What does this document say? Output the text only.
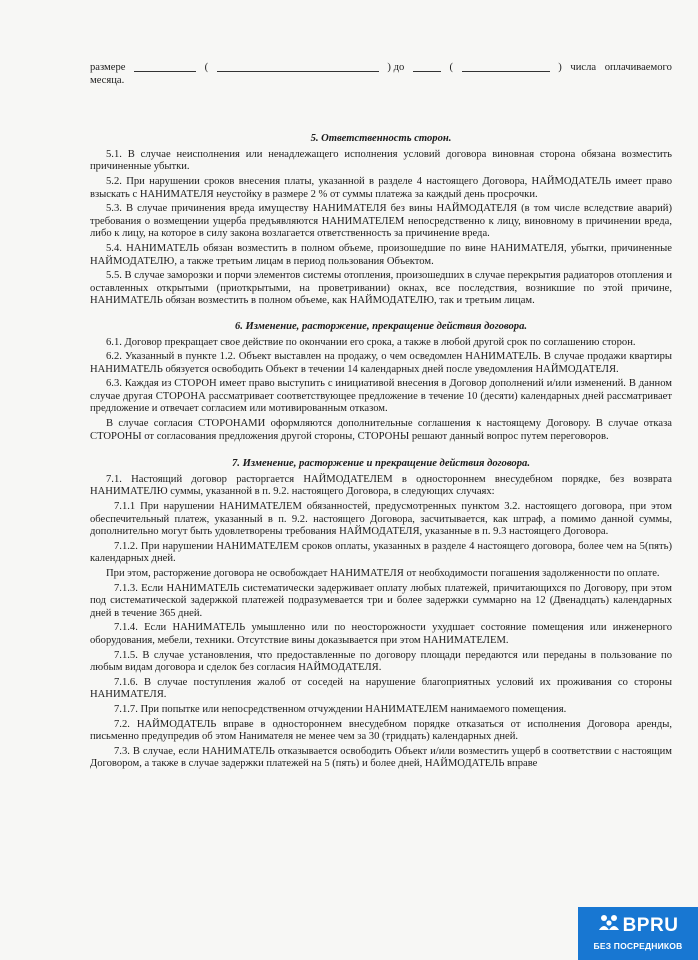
размере	(	) до	(	) числа оплачиваемого
месяца.
5. Ответственность сторон.

5.1. В случае неисполнения или ненадлежащего исполнения условий договора виновная сторона обязана возместить причиненные убытки.

5.2. При нарушении сроков внесения платы, указанной в разделе 4 настоящего Договора, НАЙМОДАТЕЛЬ имеет право взыскать с НАНИМАТЕЛЯ неустойку в размере 2 % от суммы платежа за каждый день просрочки.

5.3. В случае причинения вреда имуществу НАНИМАТЕЛЯ без вины НАЙМОДАТЕЛЯ (в том числе вследствие аварий) требования о возмещении ущерба предъявляются НАНИМАТЕЛЕМ непосредственно к лицу, виновному в причинении вреда, либо к лицу, на которое в силу закона возлагается ответственность за причинение вреда.

5.4. НАНИМАТЕЛЬ обязан возместить в полном объеме, произошедшие по вине НАНИМАТЕЛЯ, убытки, причиненные НАЙМОДАТЕЛЮ, а также третьим лицам в период пользования Объектом.

5.5. В случае заморозки и порчи элементов системы отопления, произошедших в случае перекрытия радиаторов отопления и оставленных открытыми (приоткрытыми, на проветривании) окнах, все последствия, возникшие по этой причине, НАНИМАТЕЛЬ обязан возместить в полном объеме, как НАЙМОДАТЕЛЮ, так и третьим лицам.

6. Изменение, расторжение, прекращение действия договора.

6.1. Договор прекращает свое действие по окончании его срока, а также в любой другой срок по соглашению сторон.

6.2. Указанный в пункте 1.2. Объект выставлен на продажу, о чем осведомлен НАНИМАТЕЛЬ. В случае продажи квартиры НАНИМАТЕЛЬ обязуется освободить Объект в течении 14 календарных дней после уведомления НАЙМОДАТЕЛЯ.

6.3. Каждая из СТОРОН имеет право выступить с инициативой внесения в Договор дополнений и/или изменений. В данном случае другая СТОРОНА рассматривает соответствующее предложение в течение 10 (десяти) календарных дней рассматривает предложение и отвечает согласием или мотивированным отказом.

В случае согласия СТОРОНАМИ оформляются дополнительные соглашения к настоящему Договору. В случае отказа СТОРОНЫ от согласования предложения другой стороны, СТОРОНЫ решают данный вопрос путем переговоров.

7. Изменение, расторжение и прекращение действия договора.

7.1. Настоящий договор расторгается НАЙМОДАТЕЛЕМ в одностороннем внесудебном порядке, без возврата НАНИМАТЕЛЮ суммы, указанной в п. 9.2. настоящего Договора, в следующих случаях:

7.1.1 При нарушении НАНИМАТЕЛЕМ обязанностей, предусмотренных пунктом 3.2. настоящего договора, при этом обеспечительный платеж, указанный в п. 9.2. настоящего Договора, засчитывается, как штраф, а помимо данной суммы, дополнительно могут быть удовлетворены требования НАЙМОДАТЕЛЯ, указанные в п. 9.3 настоящего Договора.

7.1.2. При нарушении НАНИМАТЕЛЕМ сроков оплаты, указанных в разделе 4 настоящего договора, более чем на 5(пять) календарных дней.

При этом, расторжение договора не освобождает НАНИМАТЕЛЯ от необходимости погашения задолженности по оплате.

7.1.3. Если НАНИМАТЕЛЬ систематически задерживает оплату любых платежей, причитающихся по Договору, при этом под систематической задержкой платежей подразумевается три и более задержки суммарно на 12 (Двенадцать) календарных дней в течение 365 дней.

7.1.4. Если НАНИМАТЕЛЬ умышленно или по неосторожности ухудшает состояние помещения или инженерного оборудования, мебели, техники. Отсутствие вины доказывается при этом НАНИМАТЕЛЕМ.

7.1.5. В случае установления, что предоставленные по договору площади передаются или переданы в пользование по любым видам договора и сделок без согласия НАЙМОДАТЕЛЯ.

7.1.6. В случае поступления жалоб от соседей на нарушение благоприятных условий их проживания со стороны НАНИМАТЕЛЯ.

7.1.7. При попытке или непосредственном отчуждении НАНИМАТЕЛЕМ нанимаемого помещения.

7.2. НАЙМОДАТЕЛЬ вправе в одностороннем внесудебном порядке отказаться от исполнения Договора аренды, письменно предупредив об этом Нанимателя не менее чем за 30 (тридцать) календарных дней.

7.3. В случае, если НАНИМАТЕЛЬ отказывается освободить Объект и/или возместить ущерб в соответствии с настоящим Договором, а также в случае задержки платежей на 5 (пять) и более дней, НАЙМОДАТЕЛЬ вправе

BPRU
БЕЗ ПОСРЕДНИКОВ
